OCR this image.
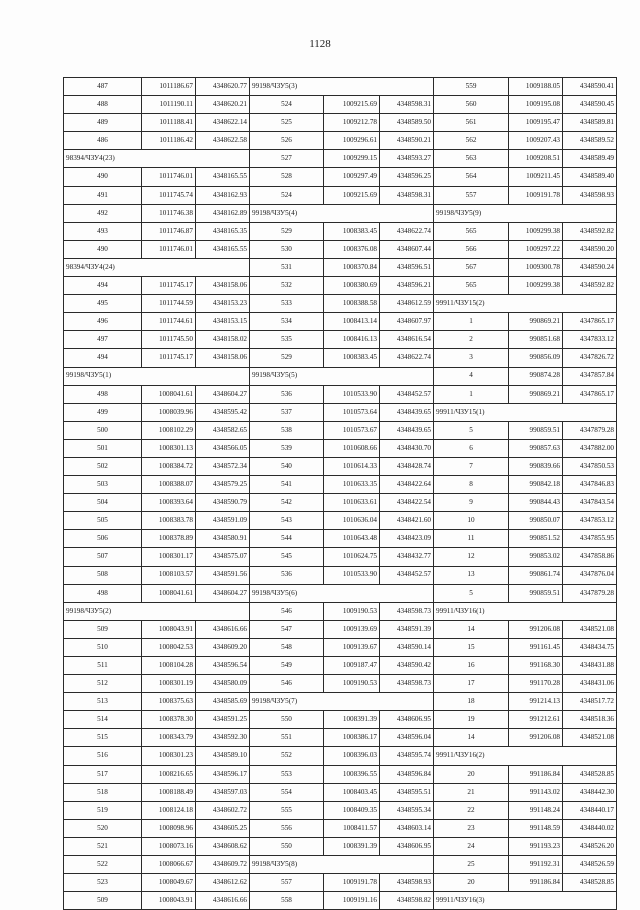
1128
487	1011186.67	4348620.77	99198/ЧЗУ5(3)			559	1009188.05	4348590.41
488	1011190.11	4348620.21	524	1009215.69	4348598.31	560	1009195.08	4348590.45
489	1011188.41	4348622.14	525	1009212.78	4348589.50	561	1009195.47	4348589.81
486	1011186.42	4348622.58	526	1009296.61	4348590.21	562	1009207.43	4348589.52
98394/ЧЗУ4(23)			527	1009299.15	4348593.27	563	1009208.51	4348589.49
490	1011746.01	4348165.55	528	1009297.49	4348596.25	564	1009211.45	4348589.40
491	1011745.74	4348162.93	524	1009215.69	4348598.31	557	1009191.78	4348598.93
492	1011746.38	4348162.89	99198/ЧЗУ5(4)			99198/ЧЗУ5(9)		
493	1011746.87	4348165.35	529	1008383.45	4348622.74	565	1009299.38	4348592.82
490	1011746.01	4348165.55	530	1008376.08	4348607.44	566	1009297.22	4348590.20
98394/ЧЗУ4(24)			531	1008370.84	4348596.51	567	1009300.78	4348590.24
494	1011745.17	4348158.06	532	1008380.69	4348596.21	565	1009299.38	4348592.82
495	1011744.59	4348153.23	533	1008388.58	4348612.59	99911/ЧЗУ15(2)		
496	1011744.61	4348153.15	534	1008413.14	4348607.97	1	990869.21	4347865.17
497	1011745.50	4348158.02	535	1008416.13	4348616.54	2	990851.68	4347833.12
494	1011745.17	4348158.06	529	1008383.45	4348622.74	3	990856.09	4347826.72
99198/ЧЗУ5(1)			99198/ЧЗУ5(5)			4	990874.28	4347857.84
498	1008041.61	4348604.27	536	1010533.90	4348452.57	1	990869.21	4347865.17
499	1008039.96	4348595.42	537	1010573.64	4348439.65	99911/ЧЗУ15(1)		
500	1008102.29	4348582.65	538	1010573.67	4348439.65	5	990859.51	4347879.28
501	1008301.13	4348566.05	539	1010608.66	4348430.70	6	990857.63	4347882.00
502	1008384.72	4348572.34	540	1010614.33	4348428.74	7	990839.66	4347850.53
503	1008388.07	4348579.25	541	1010633.35	4348422.64	8	990842.18	4347846.83
504	1008393.64	4348590.79	542	1010633.61	4348422.54	9	990844.43	4347843.54
505	1008383.78	4348591.09	543	1010636.04	4348421.60	10	990850.07	4347853.12
506	1008378.89	4348580.91	544	1010643.48	4348423.09	11	990851.52	4347855.95
507	1008301.17	4348575.07	545	1010624.75	4348432.77	12	990853.02	4347858.86
508	1008103.57	4348591.56	536	1010533.90	4348452.57	13	990861.74	4347876.04
498	1008041.61	4348604.27	99198/ЧЗУ5(6)			5	990859.51	4347879.28
99198/ЧЗУ5(2)			546	1009190.53	4348598.73	99911/ЧЗУ16(1)		
509	1008043.91	4348616.66	547	1009139.69	4348591.39	14	991206.08	4348521.08
510	1008042.53	4348609.20	548	1009139.67	4348590.14	15	991161.45	4348434.75
511	1008104.28	4348596.54	549	1009187.47	4348590.42	16	991168.30	4348431.88
512	1008301.19	4348580.09	546	1009190.53	4348598.73	17	991170.28	4348431.06
513	1008375.63	4348585.69	99198/ЧЗУ5(7)			18	991214.13	4348517.72
514	1008378.30	4348591.25	550	1008391.39	4348606.95	19	991212.61	4348518.36
515	1008343.79	4348592.30	551	1008386.17	4348596.04	14	991206.08	4348521.08
516	1008301.23	4348589.10	552	1008396.03	4348595.74	99911/ЧЗУ16(2)		
517	1008216.65	4348596.17	553	1008396.55	4348596.84	20	991186.84	4348528.85
518	1008188.49	4348597.03	554	1008403.45	4348595.51	21	991143.02	4348442.30
519	1008124.18	4348602.72	555	1008409.35	4348595.34	22	991148.24	4348440.17
520	1008098.96	4348605.25	556	1008411.57	4348603.14	23	991148.59	4348440.02
521	1008073.16	4348608.62	550	1008391.39	4348606.95	24	991193.23	4348526.20
522	1008066.67	4348609.72	99198/ЧЗУ5(8)			25	991192.31	4348526.59
523	1008049.67	4348612.62	557	1009191.78	4348598.93	20	991186.84	4348528.85
509	1008043.91	4348616.66	558	1009191.16	4348598.82	99911/ЧЗУ16(3)		
